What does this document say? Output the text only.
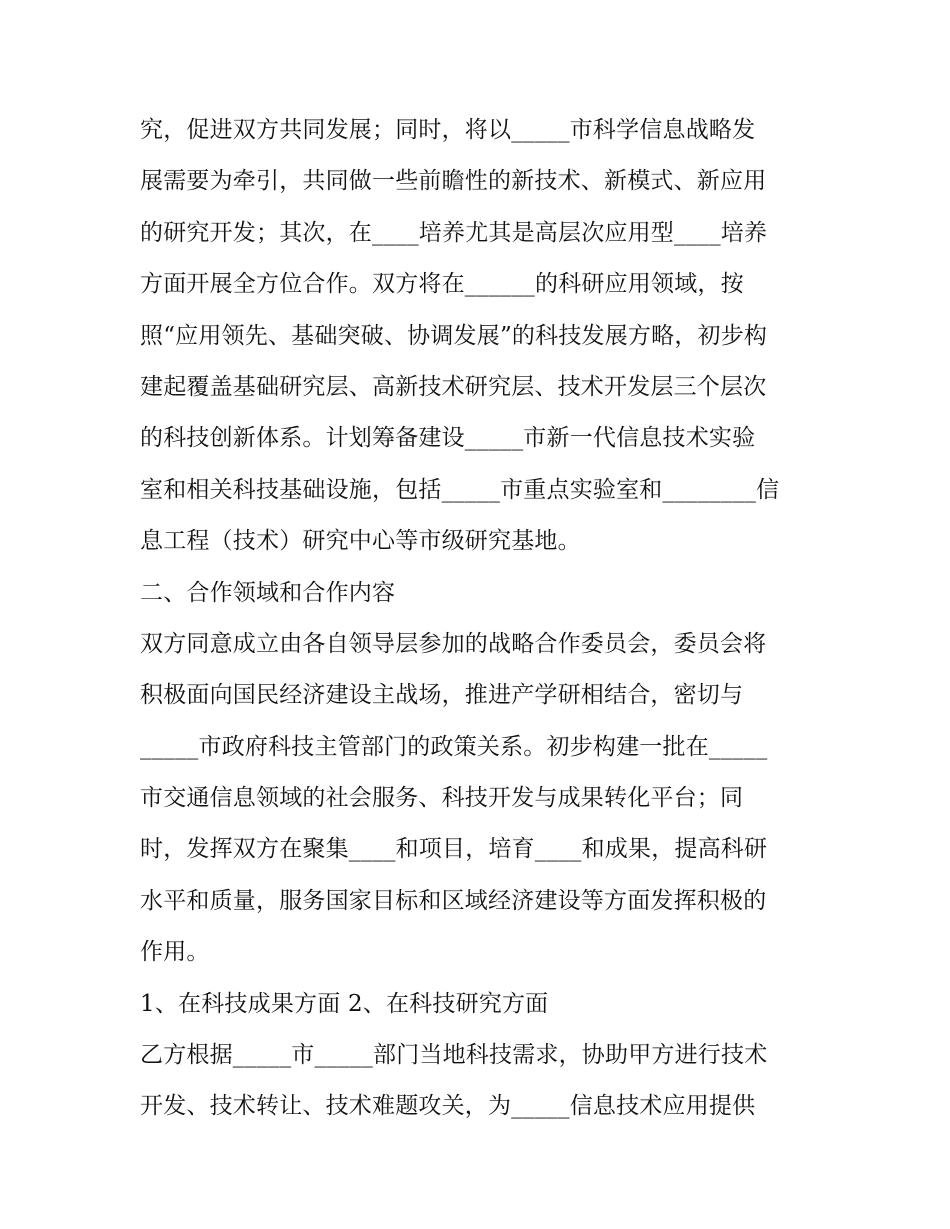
究，促进双方共同发展；同时，将以_____市科学信息战略发
展需要为牵引，共同做一些前瞻性的新技术、新模式、新应用
的研究开发；其次，在____培养尤其是高层次应用型____培养
方面开展全方位合作。双方将在______的科研应用领域，按
照“应用领先、基础突破、协调发展”的科技发展方略，初步构
建起覆盖基础研究层、高新技术研究层、技术开发层三个层次
的科技创新体系。计划筹备建设_____市新一代信息技术实验
室和相关科技基础设施，包括_____市重点实验室和________信
息工程（技术）研究中心等市级研究基地。
二、合作领域和合作内容
双方同意成立由各自领导层参加的战略合作委员会，委员会将
积极面向国民经济建设主战场，推进产学研相结合，密切与
_____市政府科技主管部门的政策关系。初步构建一批在_____
市交通信息领域的社会服务、科技开发与成果转化平台；同
时，发挥双方在聚集____和项目，培育____和成果，提高科研
水平和质量，服务国家目标和区域经济建设等方面发挥积极的
作用。
1、在科技成果方面 2、在科技研究方面
乙方根据_____市_____部门当地科技需求，协助甲方进行技术
开发、技术转让、技术难题攻关，为_____信息技术应用提供
